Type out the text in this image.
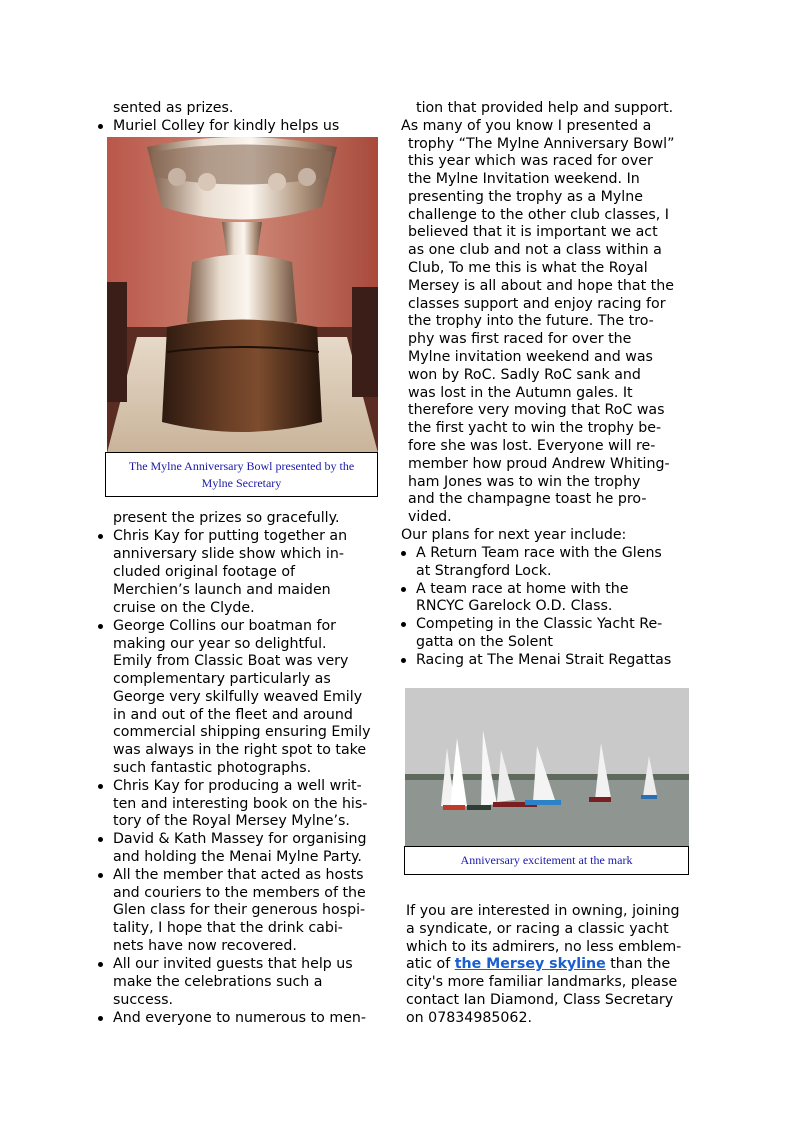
sented as prizes.
Muriel Colley for kindly helps us
The Mylne Anniversary Bowl presented by the
Mylne Secretary
present the prizes so gracefully.
Chris Kay for putting together an
anniversary slide show which in-
cluded original footage of
Merchien’s launch and maiden
cruise on the Clyde.
George Collins our boatman for
making our year so delightful.
Emily from Classic Boat was very
complementary particularly as
George very skilfully weaved Emily
in and out of the fleet and around
commercial shipping ensuring Emily
was always in the right spot to take
such fantastic photographs.
Chris Kay for producing a well writ-
ten and interesting book on the his-
tory of the Royal Mersey Mylne’s.
David & Kath Massey for organising
and holding the Menai Mylne Party.
All the member that acted as hosts
and couriers to the members of the
Glen class for their generous hospi-
tality, I hope that the drink cabi-
nets have now recovered.
All our invited guests that help us
make the celebrations such a
success.
And everyone to numerous to men-
tion that provided help and support.
As many of you know I presented a
trophy “The Mylne Anniversary Bowl”
this year which was raced for over
the Mylne Invitation weekend. In
presenting the trophy as a Mylne
challenge to the other club classes, I
believed that it is important we act
as one club and not a class within a
Club, To me this is what the Royal
Mersey is all about and hope that the
classes support and enjoy racing for
the trophy into the future. The tro-
phy was first raced for over the
Mylne invitation weekend and was
won by RoC. Sadly RoC sank and
was lost in the Autumn gales. It
therefore very moving that RoC was
the first yacht to win the trophy be-
fore she was lost. Everyone will re-
member how proud Andrew Whiting-
ham Jones was to win the trophy
and the champagne toast he pro-
vided.
Our plans for next year include:
A Return Team race with the Glens
at Strangford Lock.
A team race at home with the
RNCYC Garelock O.D. Class.
Competing in the Classic Yacht Re-
gatta on the Solent
Racing at The Menai Strait Regattas
Anniversary excitement at the mark
If you are interested in owning, joining
a syndicate, or racing a classic yacht
which to its admirers, no less emblem-
atic of the Mersey skyline than the
city's more familiar landmarks, please
contact Ian Diamond, Class Secretary
on 07834985062.
